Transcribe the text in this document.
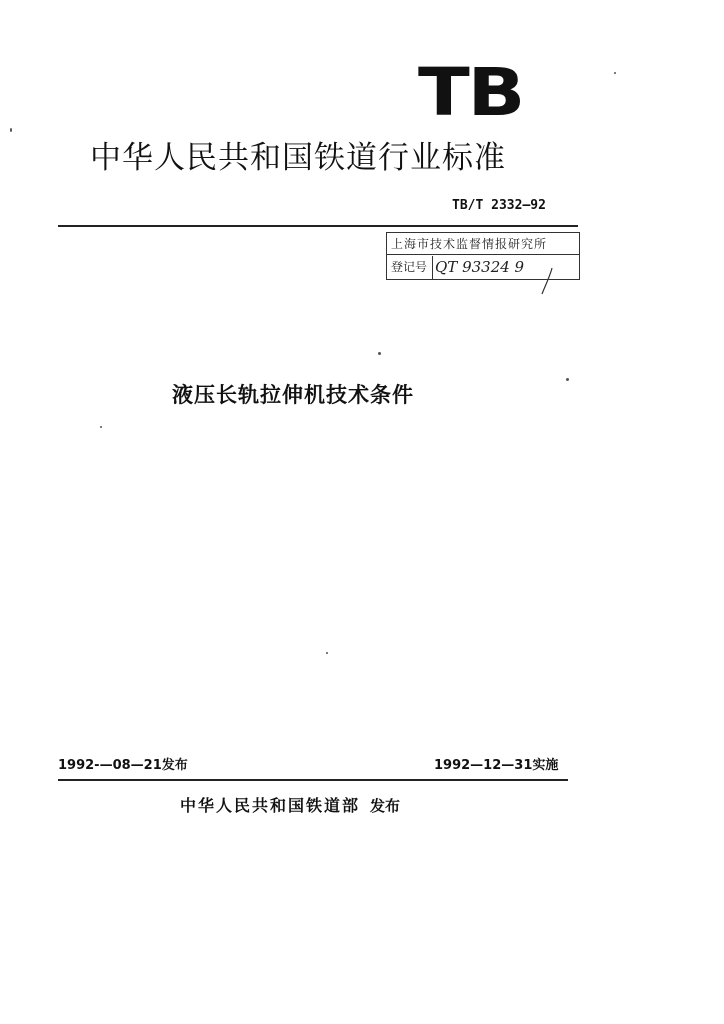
TB
中华人民共和国铁道行业标准
TB/T 2332—92
上海市技术监督情报研究所
登记号 QT 93324 9
液压长轨拉伸机技术条件
1992-—08—21发布	1992—12—31实施
中华人民共和国铁道部 发布
